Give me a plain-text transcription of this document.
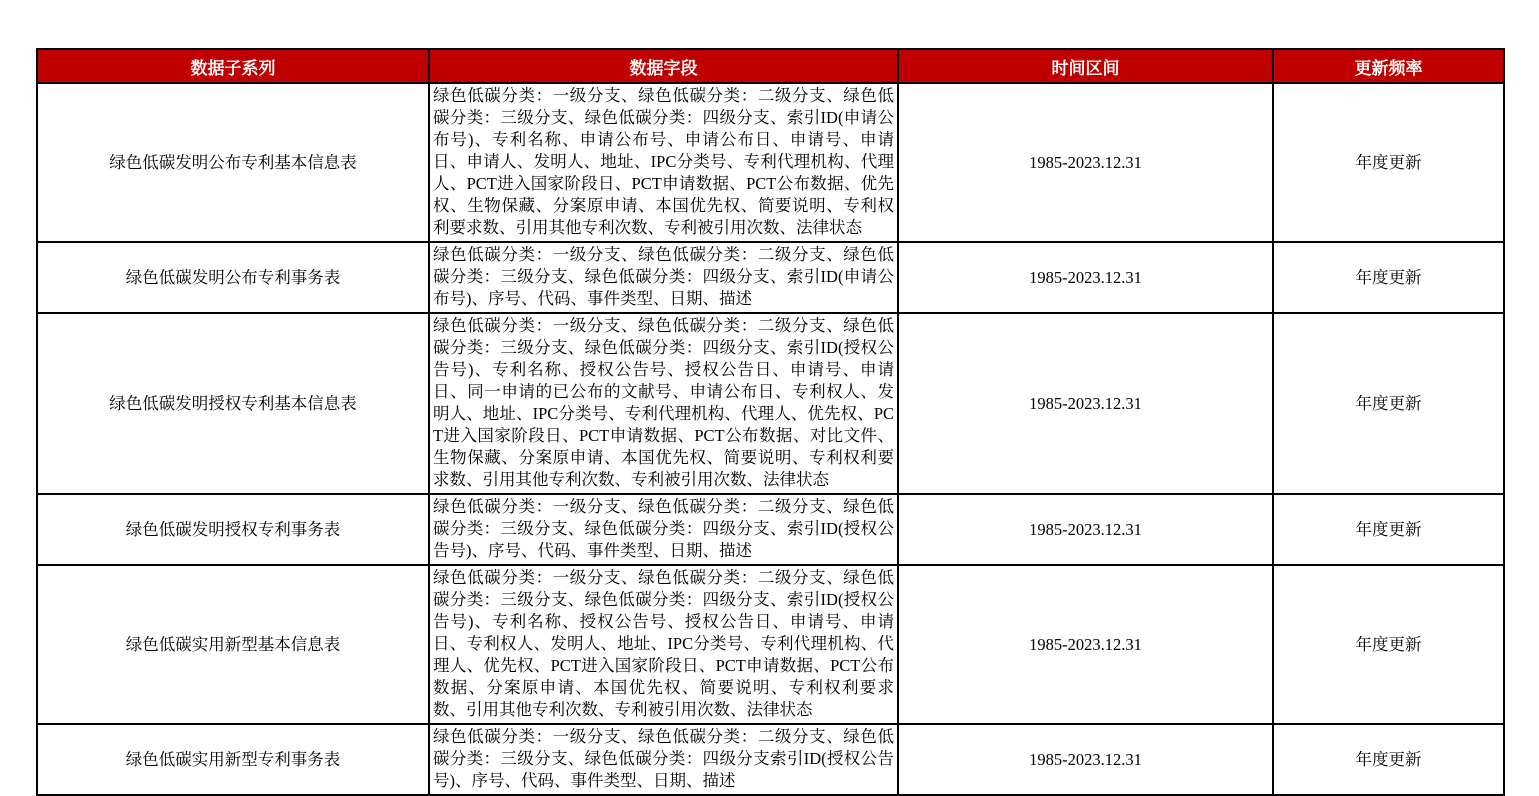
数据子系列	数据字段	时间区间	更新频率
绿色低碳发明公布专利基本信息表	绿色低碳分类：一级分支、绿色低碳分类：二级分支、绿色低碳分类：三级分支、绿色低碳分类：四级分支、索引ID(申请公布号)、专利名称、申请公布号、申请公布日、申请号、申请日、申请人、发明人、地址、IPC分类号、专利代理机构、代理人、PCT进入国家阶段日、PCT申请数据、PCT公布数据、优先权、生物保藏、分案原申请、本国优先权、简要说明、专利权利要求数、引用其他专利次数、专利被引用次数、法律状态	1985-2023.12.31	年度更新
绿色低碳发明公布专利事务表	绿色低碳分类：一级分支、绿色低碳分类：二级分支、绿色低碳分类：三级分支、绿色低碳分类：四级分支、索引ID(申请公布号)、序号、代码、事件类型、日期、描述	1985-2023.12.31	年度更新
绿色低碳发明授权专利基本信息表	绿色低碳分类：一级分支、绿色低碳分类：二级分支、绿色低碳分类：三级分支、绿色低碳分类：四级分支、索引ID(授权公告号)、专利名称、授权公告号、授权公告日、申请号、申请日、同一申请的已公布的文献号、申请公布日、专利权人、发明人、地址、IPC分类号、专利代理机构、代理人、优先权、PCT进入国家阶段日、PCT申请数据、PCT公布数据、对比文件、生物保藏、分案原申请、本国优先权、简要说明、专利权利要求数、引用其他专利次数、专利被引用次数、法律状态	1985-2023.12.31	年度更新
绿色低碳发明授权专利事务表	绿色低碳分类：一级分支、绿色低碳分类：二级分支、绿色低碳分类：三级分支、绿色低碳分类：四级分支、索引ID(授权公告号)、序号、代码、事件类型、日期、描述	1985-2023.12.31	年度更新
绿色低碳实用新型基本信息表	绿色低碳分类：一级分支、绿色低碳分类：二级分支、绿色低碳分类：三级分支、绿色低碳分类：四级分支、索引ID(授权公告号)、专利名称、授权公告号、授权公告日、申请号、申请日、专利权人、发明人、地址、IPC分类号、专利代理机构、代理人、优先权、PCT进入国家阶段日、PCT申请数据、PCT公布数据、分案原申请、本国优先权、简要说明、专利权利要求数、引用其他专利次数、专利被引用次数、法律状态	1985-2023.12.31	年度更新
绿色低碳实用新型专利事务表	绿色低碳分类：一级分支、绿色低碳分类：二级分支、绿色低碳分类：三级分支、绿色低碳分类：四级分支索引ID(授权公告号)、序号、代码、事件类型、日期、描述	1985-2023.12.31	年度更新
